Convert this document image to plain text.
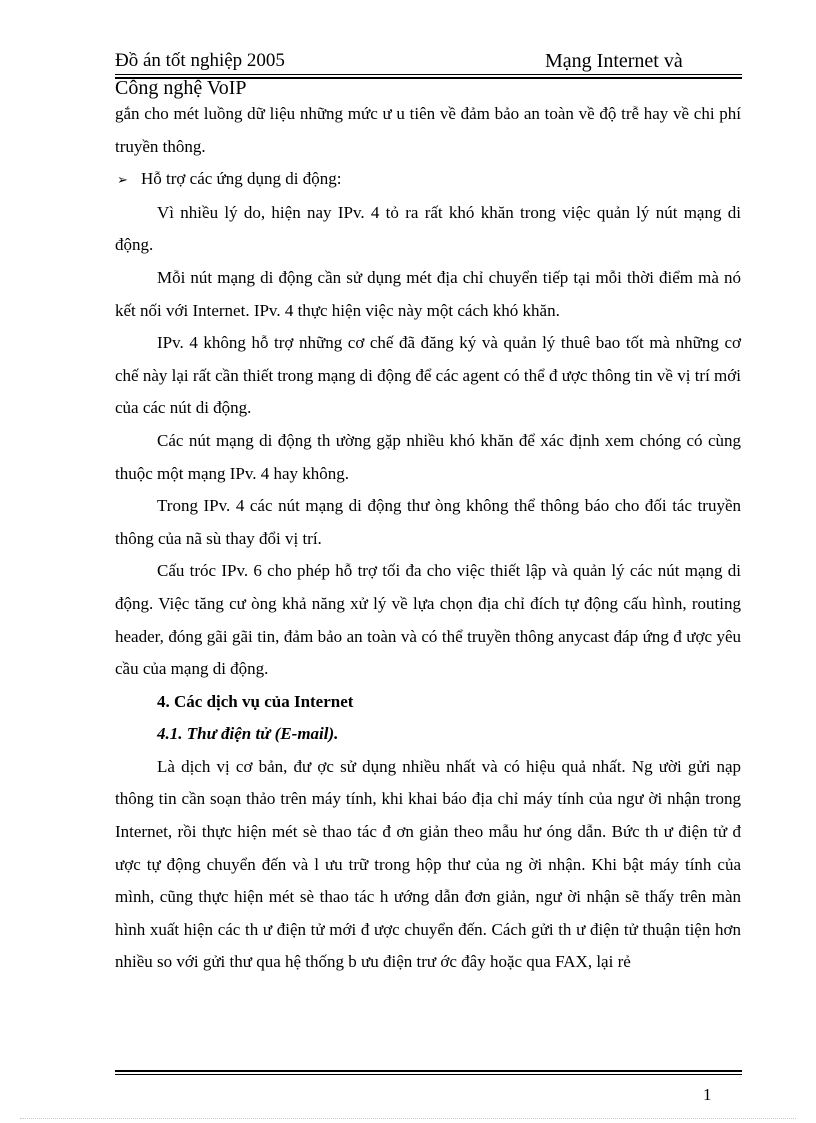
Đồ án tốt nghiệp 2005	Mạng Internet và
Công nghệ VoIP

gắn cho mét luồng dữ liệu những mức ư u tiên về đảm bảo an toàn về độ trễ hay về chi phí truyền thông.

➢ Hỗ trợ các ứng dụng di động:

Vì nhiều lý do, hiện nay IPv. 4 tỏ ra rất khó khăn trong việc quản lý nút mạng di động.

Mỗi nút mạng di động cần sử dụng mét địa chỉ chuyển tiếp tại mỗi thời điểm mà nó kết nối với Internet. IPv. 4 thực hiện việc này một cách khó khăn.

IPv. 4 không hỗ trợ những cơ chế đã đăng ký và quản lý thuê bao tốt mà những cơ chế này lại rất cần thiết trong mạng di động để các agent có thể đ ược thông tin về vị trí mới của các nút di động.

Các nút mạng di động th ường gặp nhiều khó khăn để xác định xem chóng có cùng thuộc một mạng IPv. 4 hay không.

Trong IPv. 4 các nút mạng di động thư òng không thể thông báo cho đối tác truyền thông của nã sù thay đổi vị trí.

Cấu tróc IPv. 6 cho phép hỗ trợ tối đa cho việc thiết lập và quản lý các nút mạng di động. Việc tăng cư òng khả năng xử lý về lựa chọn địa chỉ đích tự động cấu hình, routing header, đóng gãi gãi tin, đảm bảo an toàn và có thể truyền thông anycast đáp ứng đ ược yêu cầu của mạng di động.

4. Các dịch vụ của Internet

4.1. Thư điện tử (E-mail).

Là dịch vị cơ bản, đư ợc sử dụng nhiều nhất và có hiệu quả nhất. Ng ười gửi nạp thông tin cần soạn thảo trên máy tính, khi khai báo địa chỉ máy tính của ngư ời nhận trong Internet, rồi thực hiện mét sè thao tác đ ơn giản theo mẫu hư óng dẫn. Bức th ư điện tử đ ược tự động chuyển đến và l ưu trữ trong hộp thư của ng ời nhận. Khi bật máy tính của mình, cũng thực hiện mét sè thao tác h ướng dẫn đơn giản, ngư ời nhận sẽ thấy trên màn hình xuất hiện các th ư điện tử mới đ ược chuyển đến. Cách gửi th ư điện tử thuận tiện hơn nhiều so với gửi thư qua hệ thống b ưu điện trư ớc đây hoặc qua FAX, lại rẻ

1
